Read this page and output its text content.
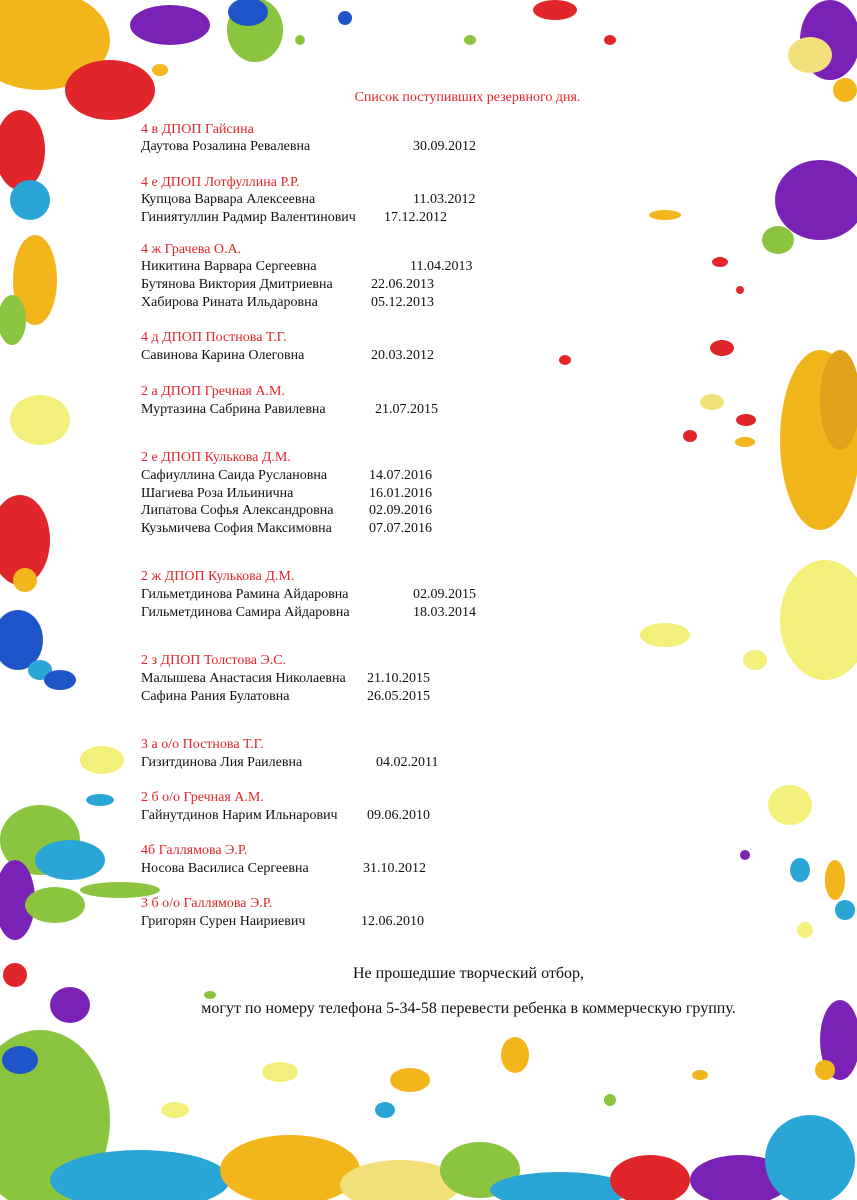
Список поступивших резервного дня.
4 в ДПОП Гайсина
Даутова Розалина Ревалевна	30.09.2012
4 е ДПОП Лотфуллина Р.Р.
Купцова Варвара Алексеевна	11.03.2012
Гиниятуллин Радмир Валентинович 17.12.2012
4 ж Грачева О.А.
Никитина Варвара Сергеевна	11.04.2013
Бутянова Виктория Дмитриевна	22.06.2013
Хабирова Рината Ильдаровна	05.12.2013
4 д ДПОП Постнова Т.Г.
Савинова Карина Олеговна	20.03.2012
2 а ДПОП Гречная А.М.
Муртазина Сабрина Равилевна	21.07.2015
2 е ДПОП Кулькова Д.М.
Сафиуллина Саида Руслановна	14.07.2016
Шагиева Роза Ильинична	16.01.2016
Липатова Софья Александровна	02.09.2016
Кузьмичева София Максимовна	07.07.2016
2 ж ДПОП Кулькова Д.М.
Гильметдинова Рамина Айдаровна	02.09.2015
Гильметдинова Самира Айдаровна	18.03.2014
2 з ДПОП Толстова Э.С.
Малышева Анастасия Николаевна 21.10.2015
Сафина Рания Булатовна	26.05.2015
3 а о/о Постнова Т.Г.
Гизитдинова Лия Раилевна	04.02.2011
2 б о/о Гречная А.М.
Гайнутдинов Нарим Ильнарович 09.06.2010
4б Галлямова Э.Р.
Носова Василиса Сергеевна	31.10.2012
3 б о/о Галлямова Э.Р.
Григорян Сурен Наириевич	12.06.2010
Не прошедшие творческий отбор,
могут по номеру телефона 5-34-58 перевести ребенка в коммерческую группу.
